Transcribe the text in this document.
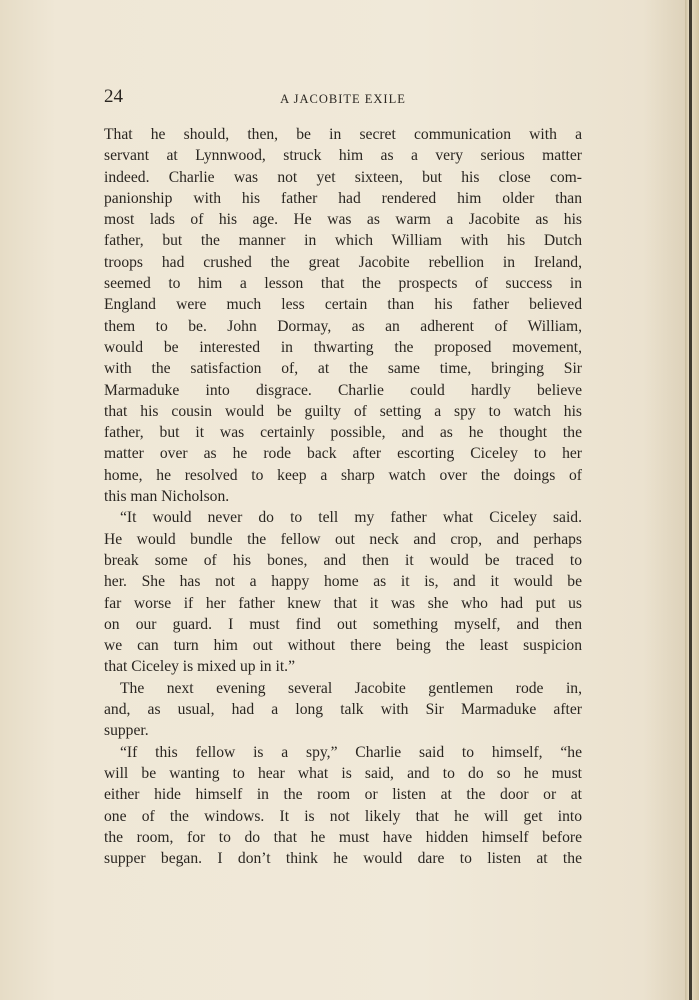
24	A JACOBITE EXILE
That he should, then, be in secret communication with a
servant at Lynnwood, struck him as a very serious matter
indeed. Charlie was not yet sixteen, but his close com-
panionship with his father had rendered him older than
most lads of his age. He was as warm a Jacobite as his
father, but the manner in which William with his Dutch
troops had crushed the great Jacobite rebellion in Ireland,
seemed to him a lesson that the prospects of success in
England were much less certain than his father believed
them to be. John Dormay, as an adherent of William,
would be interested in thwarting the proposed movement,
with the satisfaction of, at the same time, bringing Sir
Marmaduke into disgrace. Charlie could hardly believe
that his cousin would be guilty of setting a spy to watch his
father, but it was certainly possible, and as he thought the
matter over as he rode back after escorting Ciceley to her
home, he resolved to keep a sharp watch over the doings of
this man Nicholson.
“It would never do to tell my father what Ciceley said.
He would bundle the fellow out neck and crop, and perhaps
break some of his bones, and then it would be traced to
her. She has not a happy home as it is, and it would be
far worse if her father knew that it was she who had put us
on our guard. I must find out something myself, and then
we can turn him out without there being the least suspicion
that Ciceley is mixed up in it.”
The next evening several Jacobite gentlemen rode in,
and, as usual, had a long talk with Sir Marmaduke after
supper.
“If this fellow is a spy,” Charlie said to himself, “he
will be wanting to hear what is said, and to do so he must
either hide himself in the room or listen at the door or at
one of the windows. It is not likely that he will get into
the room, for to do that he must have hidden himself before
supper began. I don’t think he would dare to listen at the
